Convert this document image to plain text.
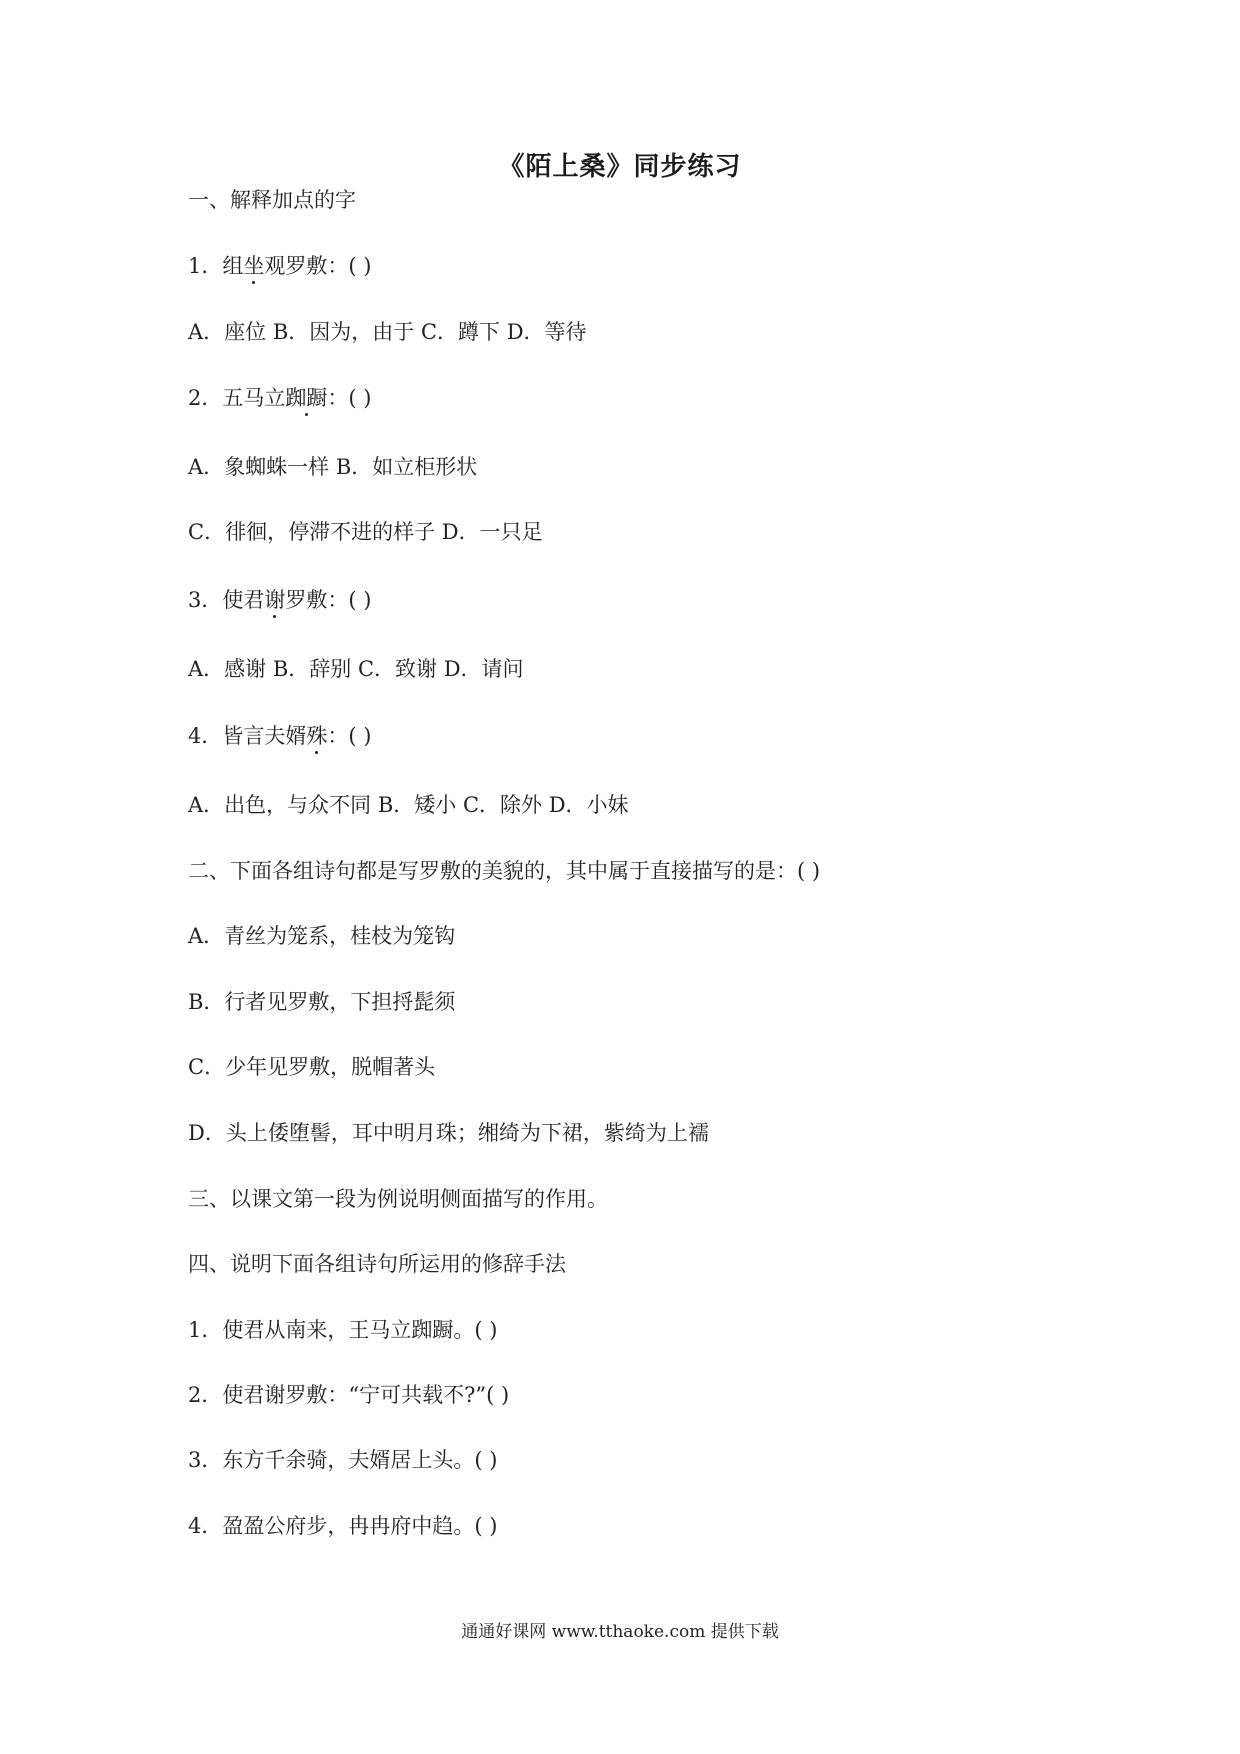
《陌上桑》同步练习
一、解释加点的字
1．组坐观罗敷：( )
A．座位 B．因为，由于 C．蹲下 D．等待
2．五马立踟蹰：( )
A．象蜘蛛一样 B．如立柜形状
C．徘徊，停滞不进的样子 D．一只足
3．使君谢罗敷：( )
A．感谢 B．辞别 C．致谢 D．请问
4．皆言夫婿殊：( )
A．出色，与众不同 B．矮小 C．除外 D．小妹
二、下面各组诗句都是写罗敷的美貌的，其中属于直接描写的是：( )
A．青丝为笼系，桂枝为笼钩
B．行者见罗敷，下担捋髭须
C．少年见罗敷，脱帽著头
D．头上倭堕髻，耳中明月珠；缃绮为下裙，紫绮为上襦
三、以课文第一段为例说明侧面描写的作用。
四、说明下面各组诗句所运用的修辞手法
1．使君从南来，王马立踟蹰。( )
2．使君谢罗敷：“宁可共载不?”( )
3．东方千余骑，夫婿居上头。( )
4．盈盈公府步，冉冉府中趋。( )
通通好课网 www.tthaoke.com 提供下载
